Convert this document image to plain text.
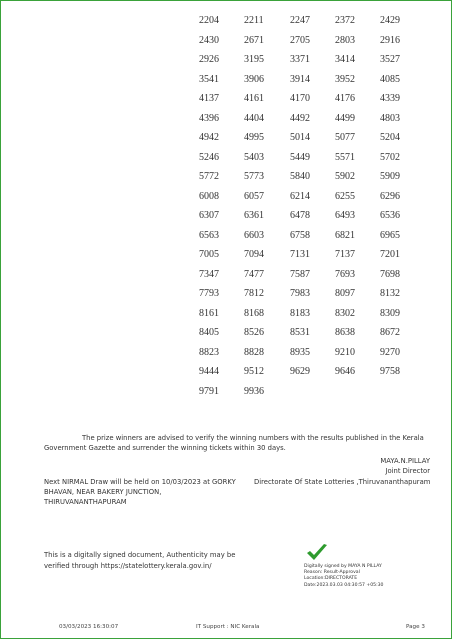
2204	2211	2247	2372	2429
2430	2671	2705	2803	2916
2926	3195	3371	3414	3527
3541	3906	3914	3952	4085
4137	4161	4170	4176	4339
4396	4404	4492	4499	4803
4942	4995	5014	5077	5204
5246	5403	5449	5571	5702
5772	5773	5840	5902	5909
6008	6057	6214	6255	6296
6307	6361	6478	6493	6536
6563	6603	6758	6821	6965
7005	7094	7131	7137	7201
7347	7477	7587	7693	7698
7793	7812	7983	8097	8132
8161	8168	8183	8302	8309
8405	8526	8531	8638	8672
8823	8828	8935	9210	9270
9444	9512	9629	9646	9758
9791	9936
The prize winners are advised to verify the winning numbers with the results published in the Kerala Government Gazette and surrender the winning tickets within 30 days.
MAYA.N.PILLAY
Joint Director
Next NIRMAL Draw will be held on 10/03/2023 at GORKY
BHAVAN, NEAR BAKERY JUNCTION,
THIRUVANANTHAPURAM
Directorate Of State Lotteries ,Thiruvananthapuram
This is a digitally signed document, Authenticity may be
verified through https://statelottery.kerala.gov.in/	Digitally signed by MAYA N PILLAY
Reason: Result-Approval
Location:DIRECTORATE
Date:2023.03.03 04:30:57 +05:30
03/03/2023 16:30:07	IT Support : NIC Kerala	Page 3
